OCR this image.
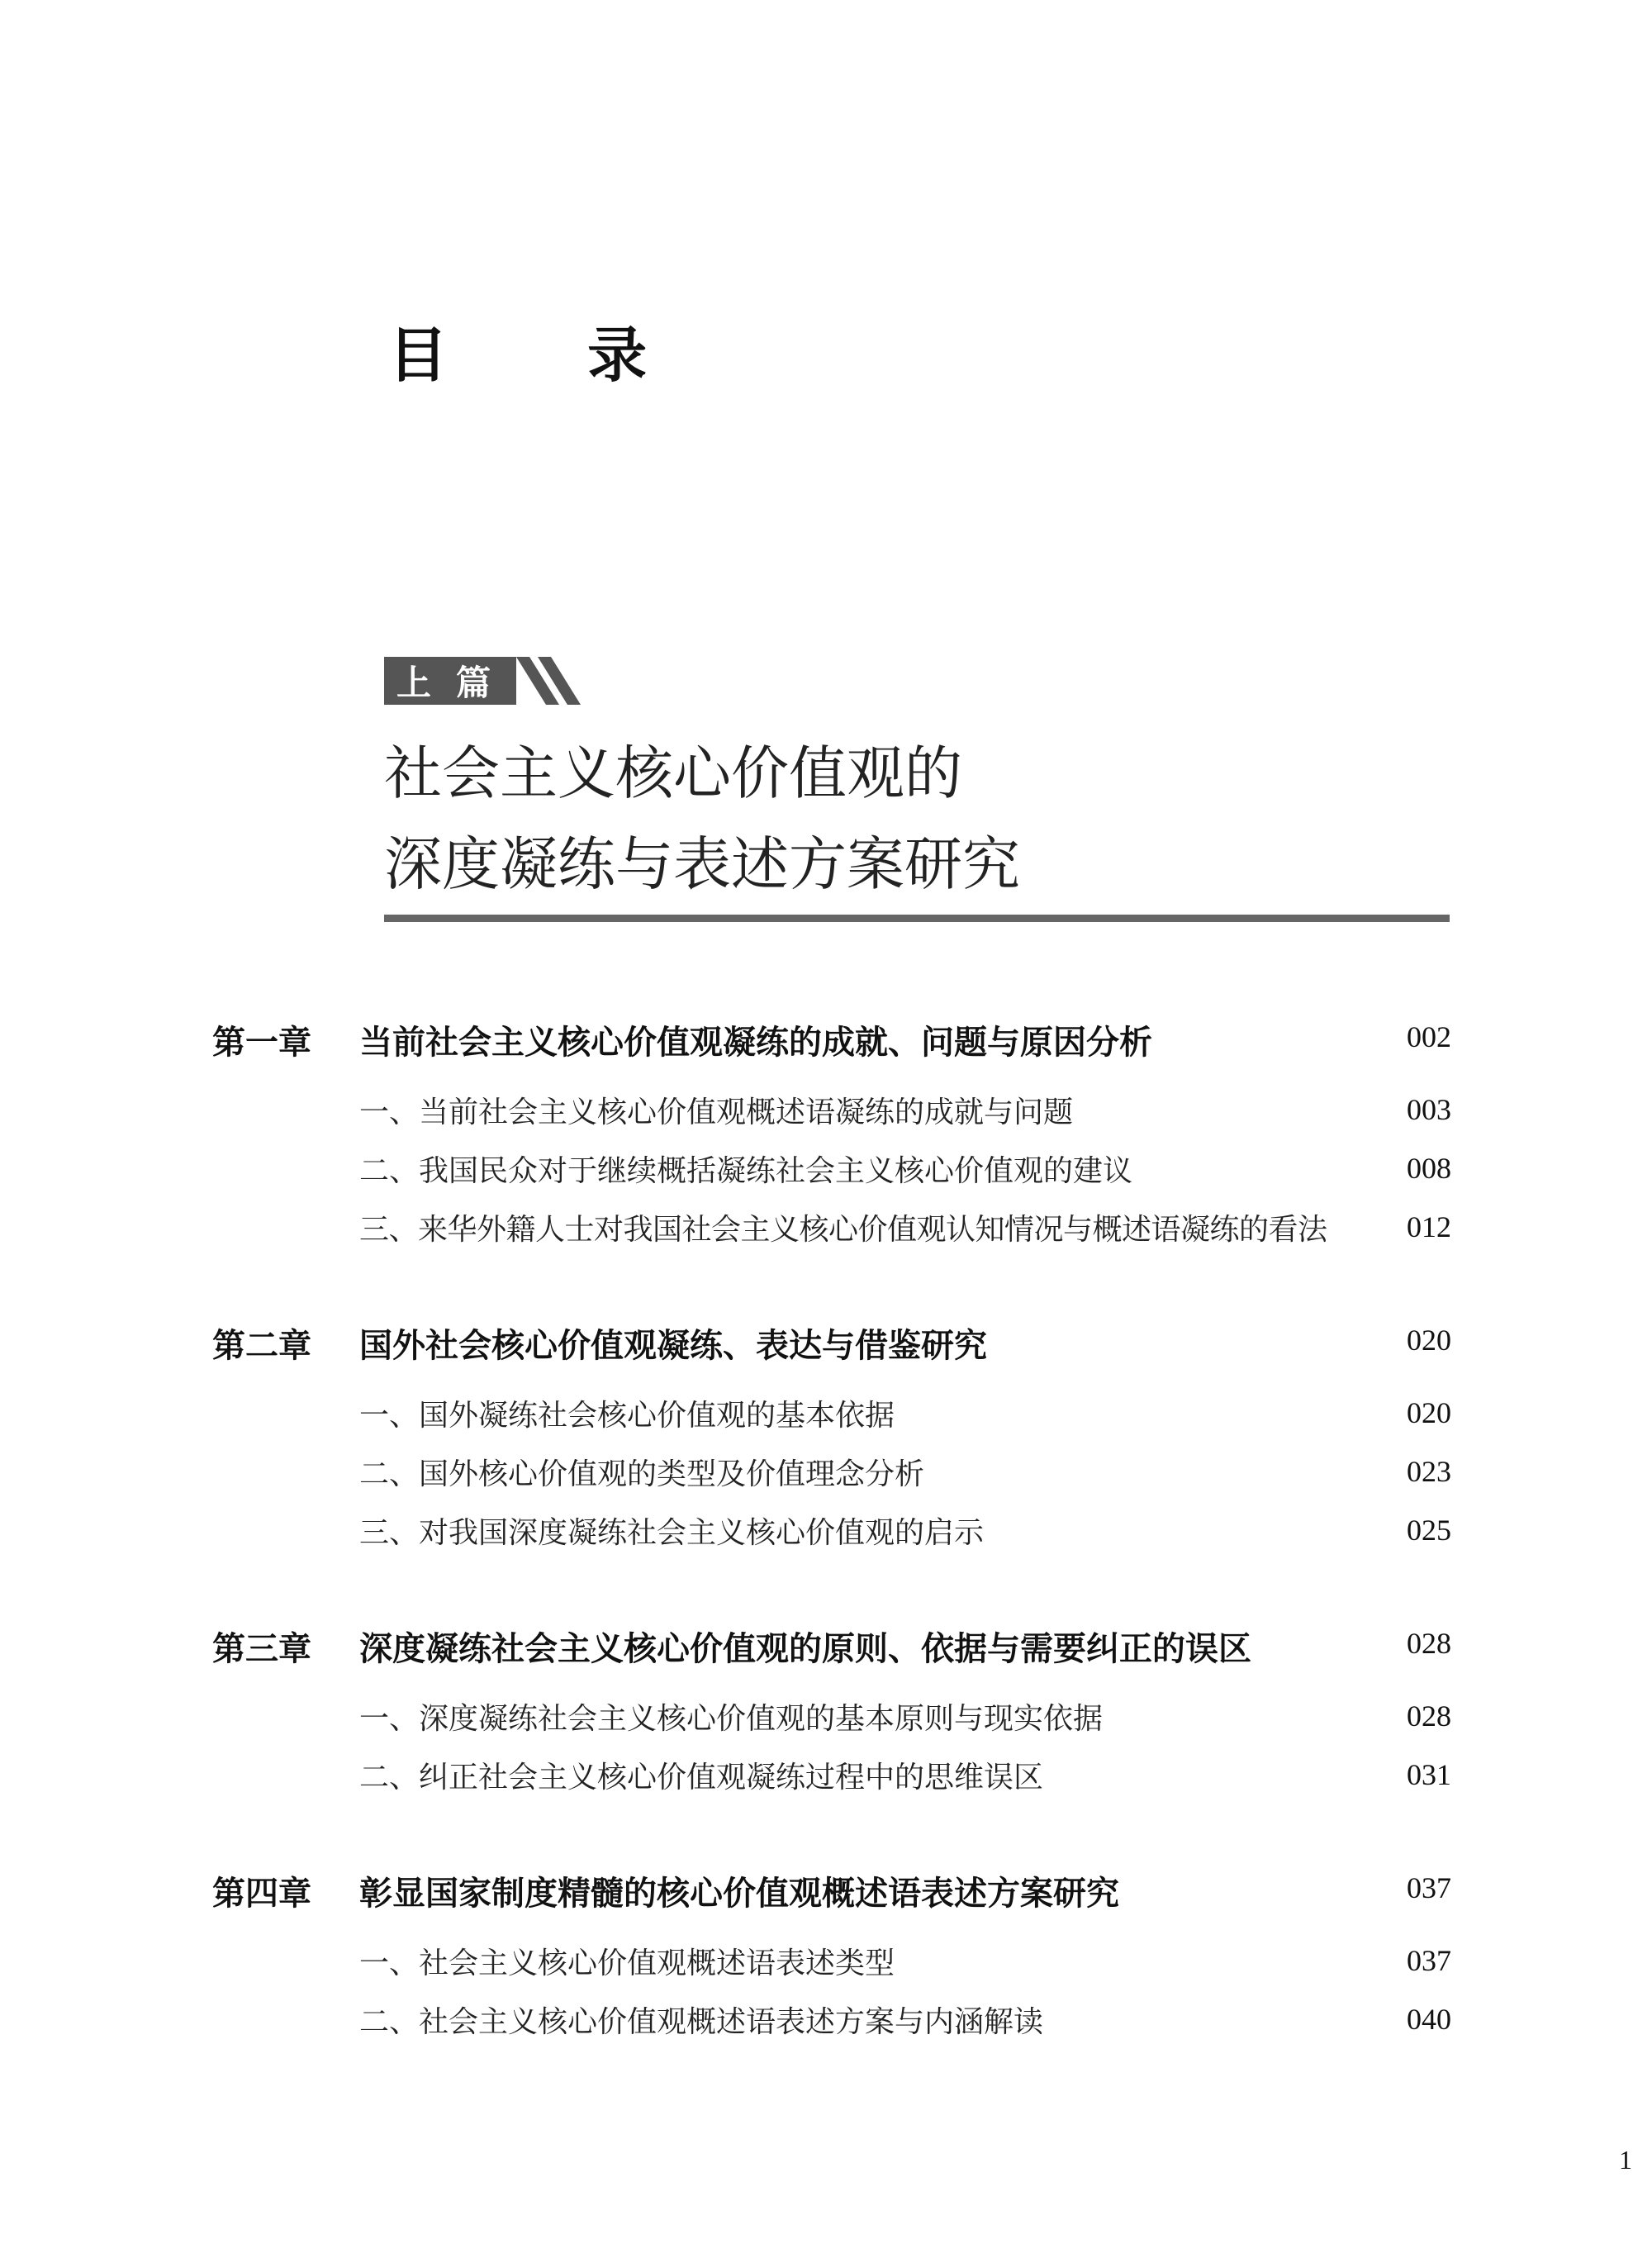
目 录
上篇
社会主义核心价值观的
深度凝练与表述方案研究
第一章 当前社会主义核心价值观凝练的成就、问题与原因分析	002
一、当前社会主义核心价值观概述语凝练的成就与问题	003
二、我国民众对于继续概括凝练社会主义核心价值观的建议	008
三、来华外籍人士对我国社会主义核心价值观认知情况与概述语凝练的看法	012
第二章 国外社会核心价值观凝练、表达与借鉴研究	020
一、国外凝练社会核心价值观的基本依据	020
二、国外核心价值观的类型及价值理念分析	023
三、对我国深度凝练社会主义核心价值观的启示	025
第三章 深度凝练社会主义核心价值观的原则、依据与需要纠正的误区	028
一、深度凝练社会主义核心价值观的基本原则与现实依据	028
二、纠正社会主义核心价值观凝练过程中的思维误区	031
第四章 彰显国家制度精髓的核心价值观概述语表述方案研究	037
一、社会主义核心价值观概述语表述类型	037
二、社会主义核心价值观概述语表述方案与内涵解读	040
1
